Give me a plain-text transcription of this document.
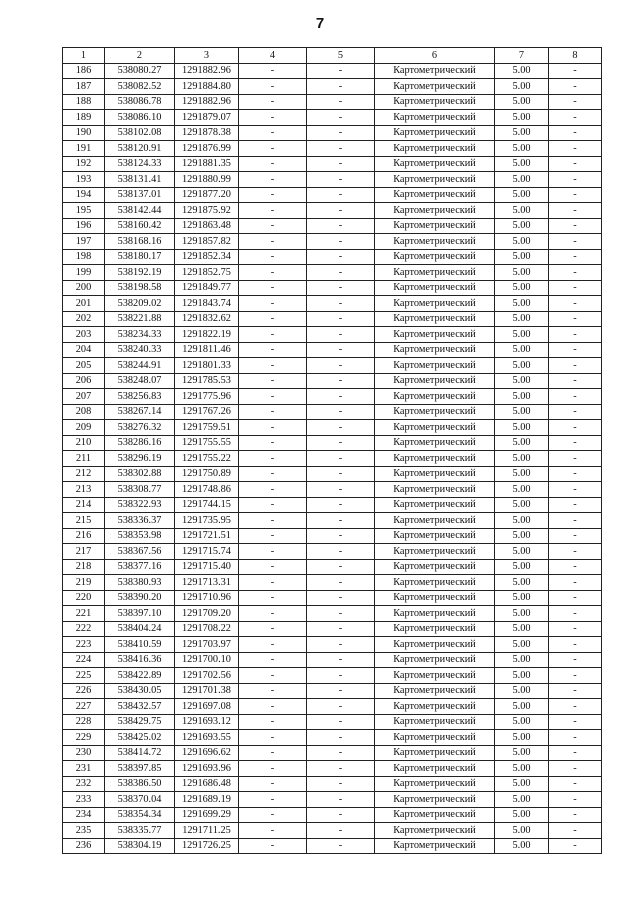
7
1	2	3	4	5	6	7	8
186	538080.27	1291882.96	-	-	Картометрический	5.00	-
187	538082.52	1291884.80	-	-	Картометрический	5.00	-
188	538086.78	1291882.96	-	-	Картометрический	5.00	-
189	538086.10	1291879.07	-	-	Картометрический	5.00	-
190	538102.08	1291878.38	-	-	Картометрический	5.00	-
191	538120.91	1291876.99	-	-	Картометрический	5.00	-
192	538124.33	1291881.35	-	-	Картометрический	5.00	-
193	538131.41	1291880.99	-	-	Картометрический	5.00	-
194	538137.01	1291877.20	-	-	Картометрический	5.00	-
195	538142.44	1291875.92	-	-	Картометрический	5.00	-
196	538160.42	1291863.48	-	-	Картометрический	5.00	-
197	538168.16	1291857.82	-	-	Картометрический	5.00	-
198	538180.17	1291852.34	-	-	Картометрический	5.00	-
199	538192.19	1291852.75	-	-	Картометрический	5.00	-
200	538198.58	1291849.77	-	-	Картометрический	5.00	-
201	538209.02	1291843.74	-	-	Картометрический	5.00	-
202	538221.88	1291832.62	-	-	Картометрический	5.00	-
203	538234.33	1291822.19	-	-	Картометрический	5.00	-
204	538240.33	1291811.46	-	-	Картометрический	5.00	-
205	538244.91	1291801.33	-	-	Картометрический	5.00	-
206	538248.07	1291785.53	-	-	Картометрический	5.00	-
207	538256.83	1291775.96	-	-	Картометрический	5.00	-
208	538267.14	1291767.26	-	-	Картометрический	5.00	-
209	538276.32	1291759.51	-	-	Картометрический	5.00	-
210	538286.16	1291755.55	-	-	Картометрический	5.00	-
211	538296.19	1291755.22	-	-	Картометрический	5.00	-
212	538302.88	1291750.89	-	-	Картометрический	5.00	-
213	538308.77	1291748.86	-	-	Картометрический	5.00	-
214	538322.93	1291744.15	-	-	Картометрический	5.00	-
215	538336.37	1291735.95	-	-	Картометрический	5.00	-
216	538353.98	1291721.51	-	-	Картометрический	5.00	-
217	538367.56	1291715.74	-	-	Картометрический	5.00	-
218	538377.16	1291715.40	-	-	Картометрический	5.00	-
219	538380.93	1291713.31	-	-	Картометрический	5.00	-
220	538390.20	1291710.96	-	-	Картометрический	5.00	-
221	538397.10	1291709.20	-	-	Картометрический	5.00	-
222	538404.24	1291708.22	-	-	Картометрический	5.00	-
223	538410.59	1291703.97	-	-	Картометрический	5.00	-
224	538416.36	1291700.10	-	-	Картометрический	5.00	-
225	538422.89	1291702.56	-	-	Картометрический	5.00	-
226	538430.05	1291701.38	-	-	Картометрический	5.00	-
227	538432.57	1291697.08	-	-	Картометрический	5.00	-
228	538429.75	1291693.12	-	-	Картометрический	5.00	-
229	538425.02	1291693.55	-	-	Картометрический	5.00	-
230	538414.72	1291696.62	-	-	Картометрический	5.00	-
231	538397.85	1291693.96	-	-	Картометрический	5.00	-
232	538386.50	1291686.48	-	-	Картометрический	5.00	-
233	538370.04	1291689.19	-	-	Картометрический	5.00	-
234	538354.34	1291699.29	-	-	Картометрический	5.00	-
235	538335.77	1291711.25	-	-	Картометрический	5.00	-
236	538304.19	1291726.25	-	-	Картометрический	5.00	-
